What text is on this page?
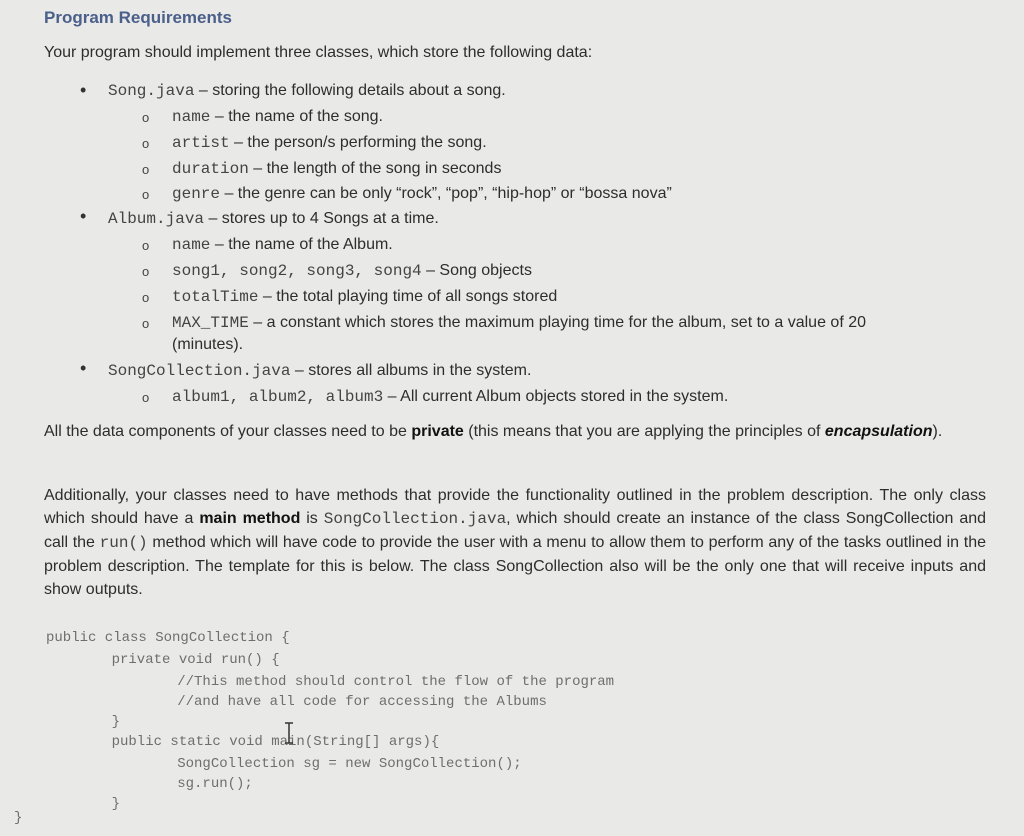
Program Requirements
Your program should implement three classes, which store the following data:
• Song.java – storing the following details about a song.
o name – the name of the song.
o artist – the person/s performing the song.
o duration – the length of the song in seconds
o genre – the genre can be only “rock”, “pop”, “hip-hop” or “bossa nova”
• Album.java – stores up to 4 Songs at a time.
o name – the name of the Album.
o song1, song2, song3, song4 – Song objects
o totalTime – the total playing time of all songs stored
o MAX_TIME – a constant which stores the maximum playing time for the album, set to a value of 20
(minutes).
• SongCollection.java – stores all albums in the system.
o album1, album2, album3 – All current Album objects stored in the system.
All the data components of your classes need to be private (this means that you are applying the principles of encapsulation).
Additionally, your classes need to have methods that provide the functionality outlined in the problem description. The only class which should have a main method is SongCollection.java, which should create an instance of the class SongCollection and call the run() method which will have code to provide the user with a menu to allow them to perform any of the tasks outlined in the problem description. The template for this is below. The class SongCollection also will be the only one that will receive inputs and show outputs.
public class SongCollection {
private void run() {
//This method should control the flow of the program
//and have all code for accessing the Albums
}
public static void main(String[] args){
SongCollection sg = new SongCollection();
sg.run();
}
}
